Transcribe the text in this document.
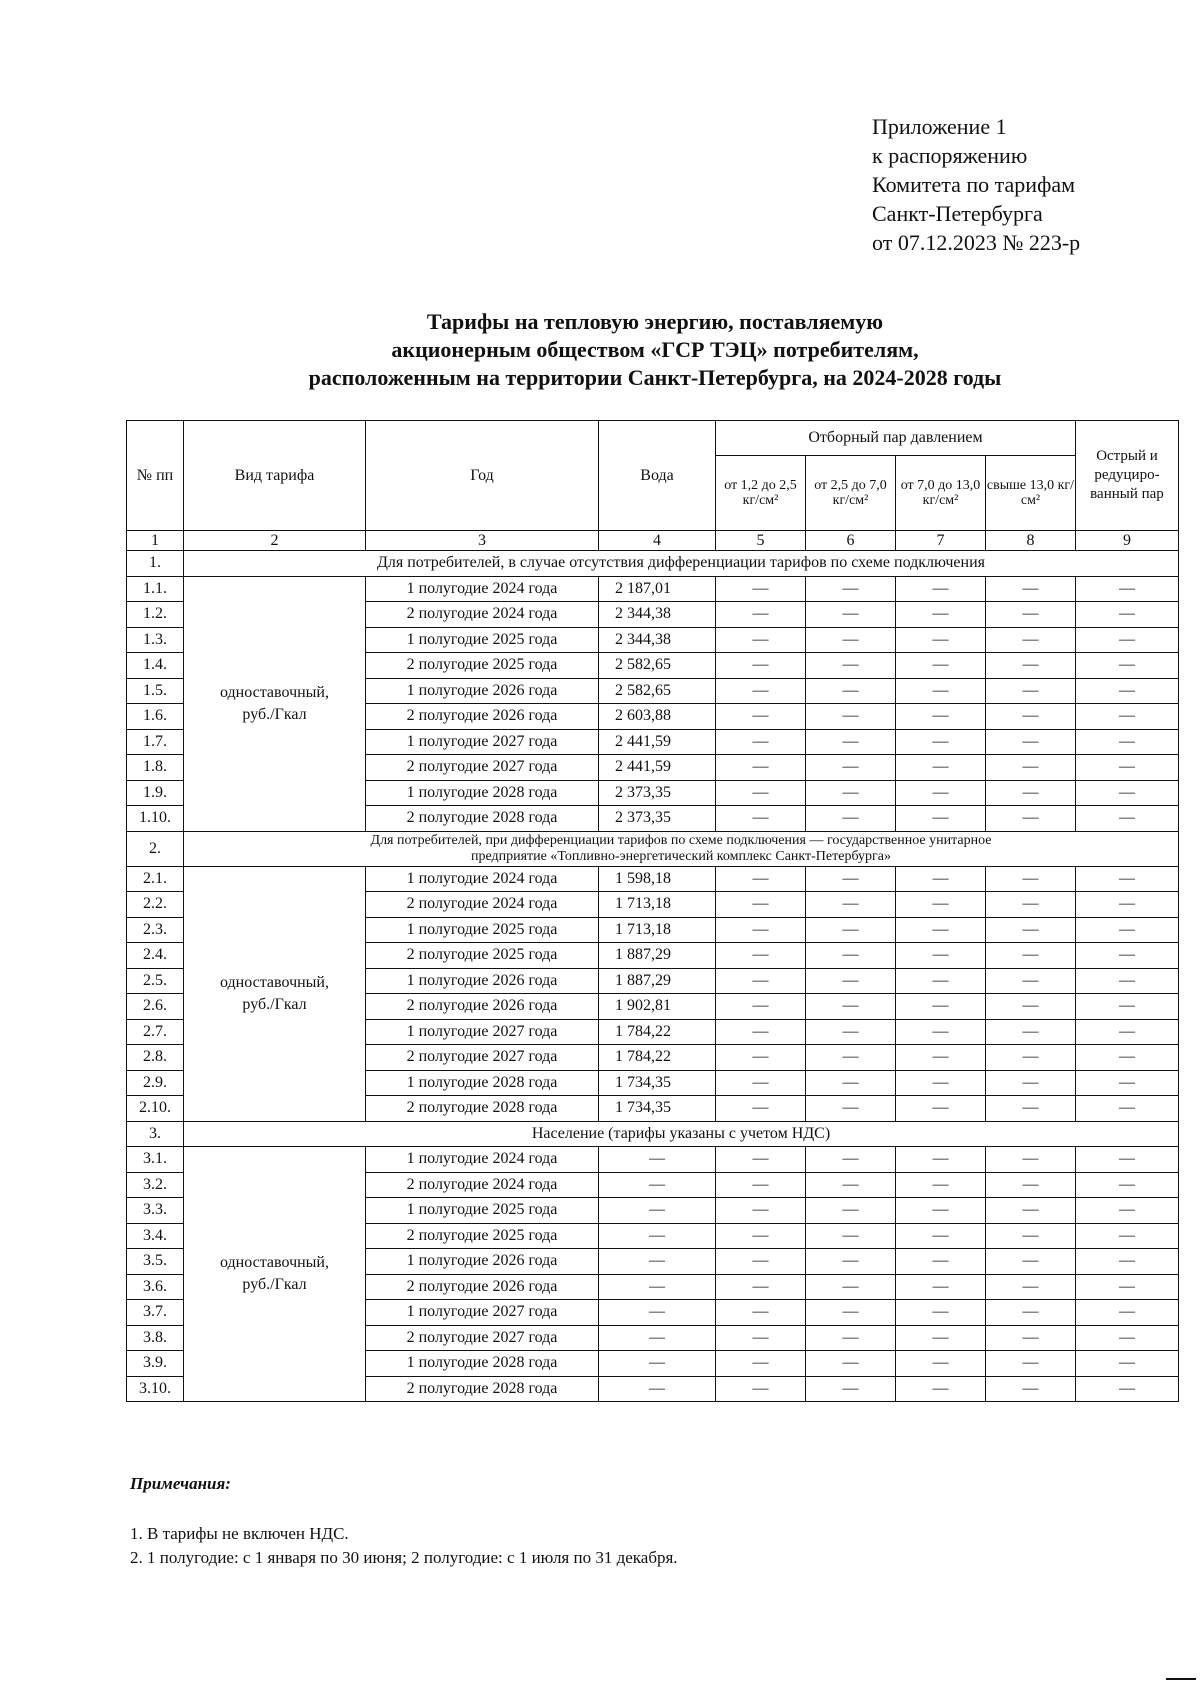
Приложение 1
к распоряжению
Комитета по тарифам
Санкт-Петербурга
от 07.12.2023 № 223-р
Тарифы на тепловую энергию, поставляемую
акционерным обществом «ГСР ТЭЦ» потребителям,
расположенным на территории Санкт-Петербурга, на 2024-2028 годы
№ пп	Вид тарифа	Год	Вода	Отборный пар давлением				Острый и редуциро-ванный пар
				от 1,2 до 2,5 кг/см²	от 2,5 до 7,0 кг/см²	от 7,0 до 13,0 кг/см²	свыше 13,0 кг/см²	
1	2	3	4	5	6	7	8	9
1.	Для потребителей, в случае отсутствия дифференциации тарифов по схеме подключения							
1.1.	одноставочный, руб./Гкал	1 полугодие 2024 года	2 187,01	—	—	—	—	—
1.2.		2 полугодие 2024 года	2 344,38	—	—	—	—	—
1.3.		1 полугодие 2025 года	2 344,38	—	—	—	—	—
1.4.		2 полугодие 2025 года	2 582,65	—	—	—	—	—
1.5.		1 полугодие 2026 года	2 582,65	—	—	—	—	—
1.6.		2 полугодие 2026 года	2 603,88	—	—	—	—	—
1.7.		1 полугодие 2027 года	2 441,59	—	—	—	—	—
1.8.		2 полугодие 2027 года	2 441,59	—	—	—	—	—
1.9.		1 полугодие 2028 года	2 373,35	—	—	—	—	—
1.10.		2 полугодие 2028 года	2 373,35	—	—	—	—	—
2.	Для потребителей, при дифференциации тарифов по схеме подключения — государственное унитарное предприятие «Топливно-энергетический комплекс Санкт-Петербурга»							
2.1.	одноставочный, руб./Гкал	1 полугодие 2024 года	1 598,18	—	—	—	—	—
2.2.		2 полугодие 2024 года	1 713,18	—	—	—	—	—
2.3.		1 полугодие 2025 года	1 713,18	—	—	—	—	—
2.4.		2 полугодие 2025 года	1 887,29	—	—	—	—	—
2.5.		1 полугодие 2026 года	1 887,29	—	—	—	—	—
2.6.		2 полугодие 2026 года	1 902,81	—	—	—	—	—
2.7.		1 полугодие 2027 года	1 784,22	—	—	—	—	—
2.8.		2 полугодие 2027 года	1 784,22	—	—	—	—	—
2.9.		1 полугодие 2028 года	1 734,35	—	—	—	—	—
2.10.		2 полугодие 2028 года	1 734,35	—	—	—	—	—
3.	Население (тарифы указаны с учетом НДС)							
3.1.	одноставочный, руб./Гкал	1 полугодие 2024 года	—	—	—	—	—	—
3.2.		2 полугодие 2024 года	—	—	—	—	—	—
3.3.		1 полугодие 2025 года	—	—	—	—	—	—
3.4.		2 полугодие 2025 года	—	—	—	—	—	—
3.5.		1 полугодие 2026 года	—	—	—	—	—	—
3.6.		2 полугодие 2026 года	—	—	—	—	—	—
3.7.		1 полугодие 2027 года	—	—	—	—	—	—
3.8.		2 полугодие 2027 года	—	—	—	—	—	—
3.9.		1 полугодие 2028 года	—	—	—	—	—	—
3.10.		2 полугодие 2028 года	—	—	—	—	—	—
Примечания:
1. В тарифы не включен НДС.
2. 1 полугодие: с 1 января по 30 июня; 2 полугодие: с 1 июля по 31 декабря.
